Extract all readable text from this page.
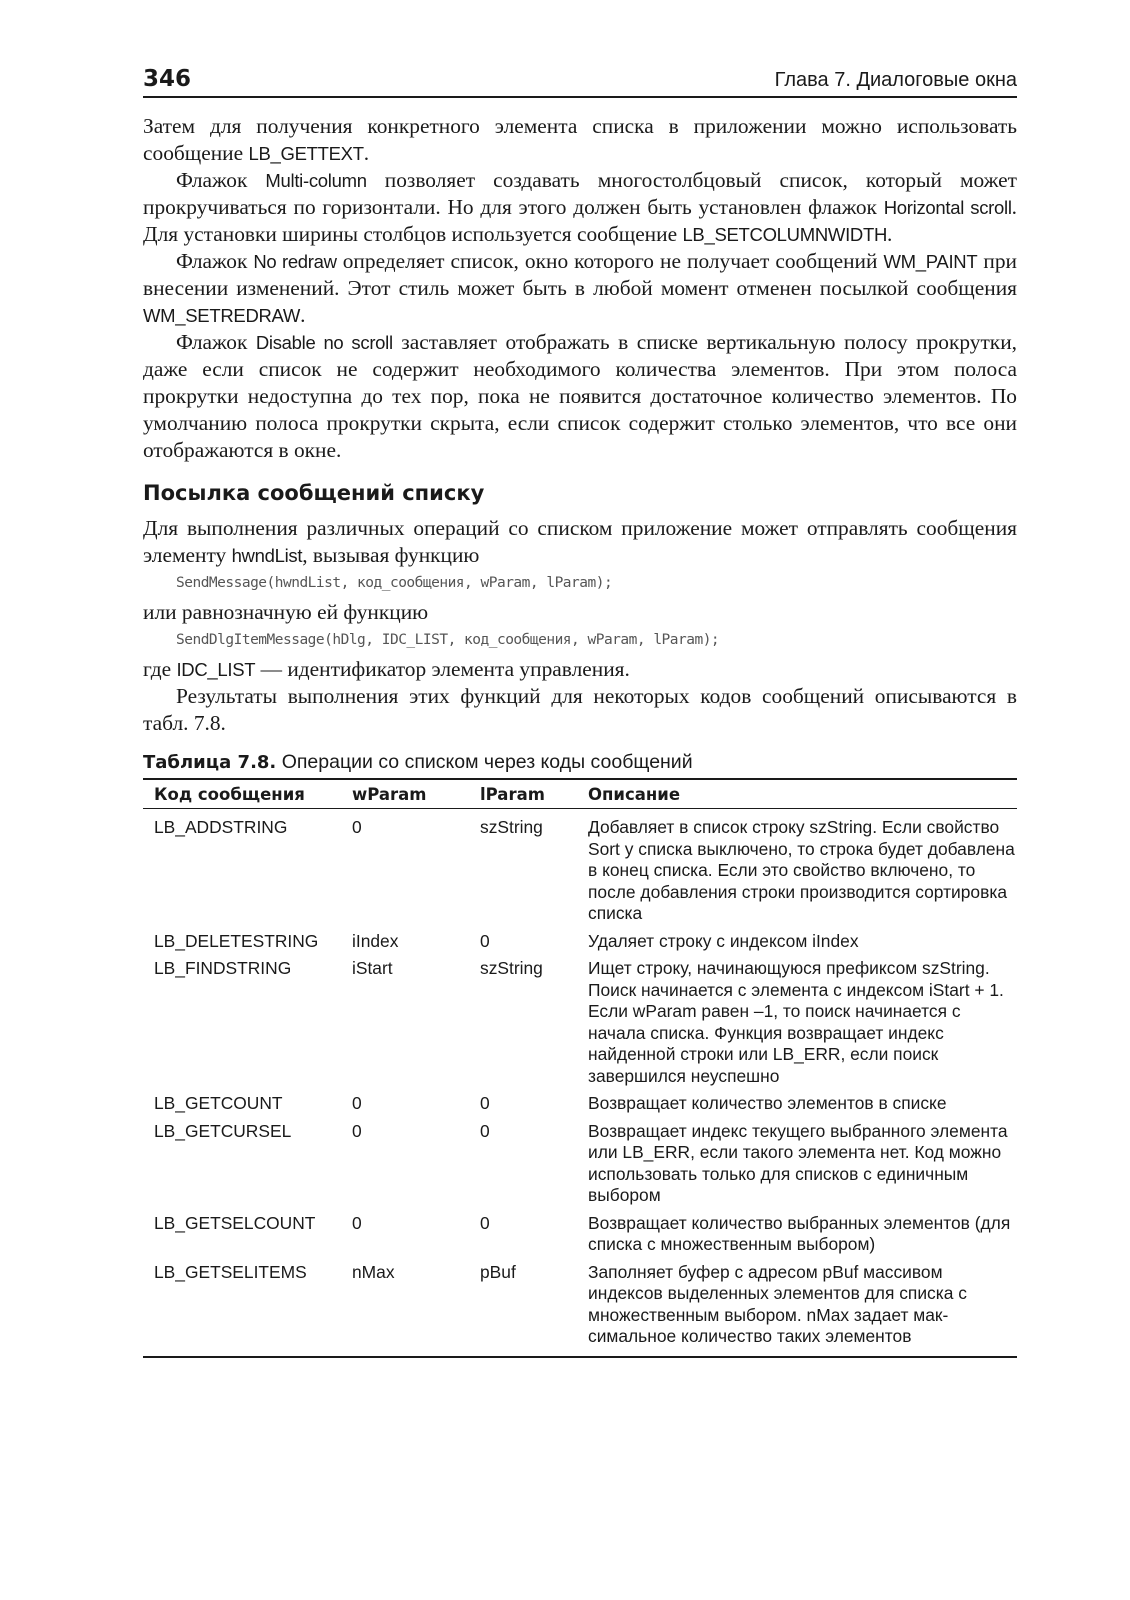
346	Глава 7. Диалоговые окна

Затем для получения конкретного элемента списка в приложении можно использовать сообщение LB_GETTEXT.

Флажок Multi-column позволяет создавать многостолбцовый список, который может прокручиваться по горизонтали. Но для этого должен быть установлен флажок Horizontal scroll. Для установки ширины столбцов используется сообщение LB_SETCOLUMNWIDTH.

Флажок No redraw определяет список, окно которого не получает сообщений WM_PAINT при внесении изменений. Этот стиль может быть в любой момент отменен посылкой сообщения WM_SETREDRAW.

Флажок Disable no scroll заставляет отображать в списке вертикальную полосу прокрутки, даже если список не содержит необходимого количества элементов. При этом полоса прокрутки недоступна до тех пор, пока не появится достаточное количество элементов. По умолчанию полоса прокрутки скрыта, если список содержит столько элементов, что все они отображаются в окне.

Посылка сообщений списку

Для выполнения различных операций со списком приложение может отправлять сообщения элементу hwndList, вызывая функцию

SendMessage(hwndList, код_сообщения, wParam, lParam);

или равнозначную ей функцию

SendDlgItemMessage(hDlg, IDC_LIST, код_сообщения, wParam, lParam);

где IDC_LIST — идентификатор элемента управления.

Результаты выполнения этих функций для некоторых кодов сообщений описываются в табл. 7.8.

Таблица 7.8. Операции со списком через коды сообщений
Код сообщения	wParam	lParam	Описание
LB_ADDSTRING	0	szString	Добавляет в список строку szString. Если свойство Sort у списка выключено, то строка будет добавлена в конец списка. Если это свойство включено, то после добавления строки производится сортировка списка
LB_DELETESTRING	iIndex	0	Удаляет строку с индексом iIndex
LB_FINDSTRING	iStart	szString	Ищет строку, начинающуюся префиксом szString. Поиск начинается с элемента с индексом iStart + 1. Если wParam равен –1, то поиск начинается с начала списка. Функция возвращает индекс найденной строки или LB_ERR, если поиск завершился неуспешно
LB_GETCOUNT	0	0	Возвращает количество элементов в списке
LB_GETCURSEL	0	0	Возвращает индекс текущего выбранного элемента или LB_ERR, если такого элемента нет. Код можно использовать только для списков с единичным выбором
LB_GETSELCOUNT	0	0	Возвращает количество выбранных элементов (для списка с множественным выбором)
LB_GETSELITEMS	nMax	pBuf	Заполняет буфер с адресом pBuf массивом индексов выделенных элементов для списка с множественным выбором. nMax задает максимальное количество таких элементов
